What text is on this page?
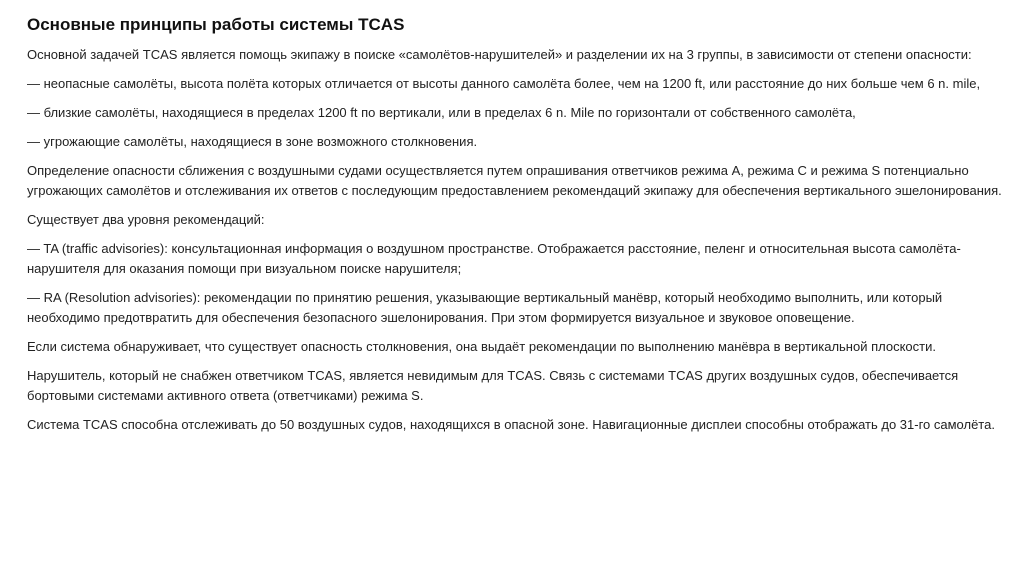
Основные принципы работы системы TCAS

Основной задачей TCAS является помощь экипажу в поиске «самолётов-нарушителей» и разделении их на 3 группы, в зависимости от степени опасности:

— неопасные самолёты, высота полёта которых отличается от высоты данного самолёта более, чем на 1200 ft, или расстояние до них больше чем 6 n. mile,

— близкие самолёты, находящиеся в пределах 1200 ft по вертикали, или в пределах 6 n. Mile по горизонтали от собственного самолёта,

— угрожающие самолёты, находящиеся в зоне возможного столкновения.

Определение опасности сближения с воздушными судами осуществляется путем опрашивания ответчиков режима A, режима C и режима S потенциально угрожающих самолётов и отслеживания их ответов с последующим предоставлением рекомендаций экипажу для обеспечения вертикального эшелонирования.

Существует два уровня рекомендаций:

— TA (traffic advisories): консультационная информация о воздушном пространстве. Отображается расстояние, пеленг и относительная высота самолёта-нарушителя для оказания помощи при визуальном поиске нарушителя;

— RA (Resolution advisories): рекомендации по принятию решения, указывающие вертикальный манёвр, который необходимо выполнить, или который необходимо предотвратить для обеспечения безопасного эшелонирования. При этом формируется визуальное и звуковое оповещение.

Если система обнаруживает, что существует опасность столкновения, она выдаёт рекомендации по выполнению манёвра в вертикальной плоскости.

Нарушитель, который не снабжен ответчиком TCAS, является невидимым для TCAS. Связь с системами TCAS других воздушных судов, обеспечивается бортовыми системами активного ответа (ответчиками) режима S.

Система TCAS способна отслеживать до 50 воздушных судов, находящихся в опасной зоне. Навигационные дисплеи способны отображать до 31-го самолёта.
